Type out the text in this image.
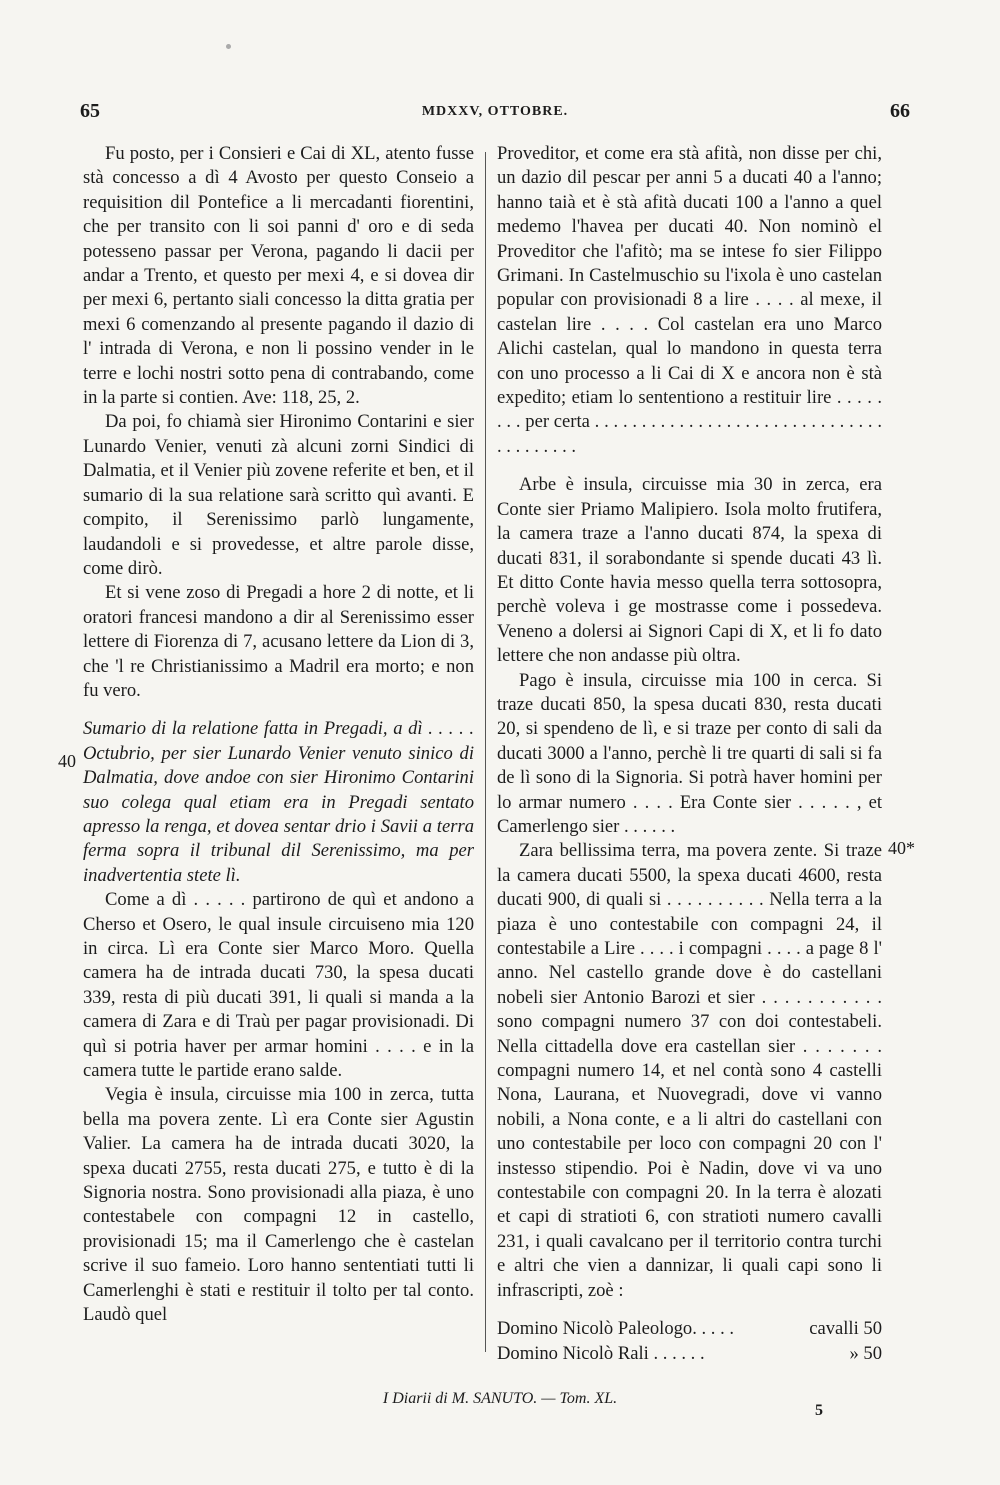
65	MDXXV, OTTOBRE.	66

Fu posto, per i Consieri e Cai di XL, atento fusse stà concesso a dì 4 Avosto per questo Conseio a requisition dil Pontefice a li mercadanti fiorentini, che per transito con li soi panni d' oro e di seda potesseno passar per Verona, pagando li dacii per andar a Trento, et questo per mexi 4, e si dovea dir per mexi 6, pertanto siali concesso la ditta gratia per mexi 6 comenzando al presente pagando il dazio di l' intrada di Verona, e non li possino vender in le terre e lochi nostri sotto pena di contrabando, come in la parte si contien. Ave: 118, 25, 2.

Da poi, fo chiamà sier Hironimo Contarini e sier Lunardo Venier, venuti zà alcuni zorni Sindici di Dalmatia, et il Venier più zovene referite et ben, et il sumario di la sua relatione sarà scritto quì avanti. E compito, il Serenissimo parlò lungamente, laudandoli e si provedesse, et altre parole disse, come dirò.

Et si vene zoso di Pregadi a hore 2 di notte, et li oratori francesi mandono a dir al Serenissimo esser lettere di Fiorenza di 7, acusano lettere da Lion di 3, che 'l re Christianissimo a Madril era morto; e non fu vero.

Sumario di la relatione fatta in Pregadi, a dì . . . . . Octubrio, per sier Lunardo Venier venuto sinico di Dalmatia, dove andoe con sier Hironimo Contarini suo colega qual etiam era in Pregadi sentato apresso la renga, et dovea sentar drio i Savii a terra ferma sopra il tribunal dil Serenissimo, ma per inadvertentia stete lì.

Come a dì . . . . . partirono de quì et andono a Cherso et Osero, le qual insule circuiseno mia 120 in circa. Lì era Conte sier Marco Moro. Quella camera ha de intrada ducati 730, la spesa ducati 339, resta di più ducati 391, li quali si manda a la camera di Zara e di Traù per pagar provisionadi. Di quì si potria haver per armar homini . . . . e in la camera tutte le partide erano salde.

Vegia è insula, circuisse mia 100 in zerca, tutta bella ma povera zente. Lì era Conte sier Agustin Valier. La camera ha de intrada ducati 3020, la spexa ducati 2755, resta ducati 275, e tutto è di la Signoria nostra. Sono provisionadi alla piaza, è uno contestabele con compagni 12 in castello, provisionadi 15; ma il Camerlengo che è castelan scrive il suo fameio. Loro hanno sententiati tutti li Camerlenghi è stati e restituir il tolto per tal conto. Laudò quel

40

Proveditor, et come era stà afità, non disse per chi, un dazio dil pescar per anni 5 a ducati 40 a l'anno; hanno taià et è stà afità ducati 100 a l'anno a quel medemo l'havea per ducati 40. Non nominò el Proveditor che l'afitò; ma se intese fo sier Filippo Grimani. In Castelmuschio su l'ixola è uno castelan popular con provisionadi 8 a lire . . . . al mexe, il castelan lire . . . . Col castelan era uno Marco Alichi castelan, qual lo mandono in questa terra con uno processo a li Cai di X e ancora non è stà expedito; etiam lo sententiono a restituir lire . . . . . . . . per certa . . . . . . . . . . . . . . . . . . . . . . . . . . . . . . . . . . . . . . . .

Arbe è insula, circuisse mia 30 in zerca, era Conte sier Priamo Malipiero. Isola molto frutifera, la camera traze a l'anno ducati 874, la spexa di ducati 831, il sorabondante si spende ducati 43 lì. Et ditto Conte havia messo quella terra sottosopra, perchè voleva i ge mostrasse come i possedeva. Veneno a dolersi ai Signori Capi di X, et li fo dato lettere che non andasse più oltra.

Pago è insula, circuisse mia 100 in cerca. Si traze ducati 850, la spesa ducati 830, resta ducati 20, si spendeno de lì, e si traze per conto di sali da ducati 3000 a l'anno, perchè li tre quarti di sali si fa de lì sono di la Signoria. Si potrà haver homini per lo armar numero . . . . Era Conte sier . . . . . , et Camerlengo sier . . . . . .

Zara bellissima terra, ma povera zente. Si traze la camera ducati 5500, la spexa ducati 4600, resta ducati 900, di quali si . . . . . . . . . . Nella terra a la piaza è uno contestabile con compagni 24, il contestabile a Lire . . . . i compagni . . . . a page 8 l' anno. Nel castello grande dove è do castellani nobeli sier Antonio Barozi et sier . . . . . . . . . . . sono compagni numero 37 con doi contestabeli. Nella cittadella dove era castellan sier . . . . . . . compagni numero 14, et nel contà sono 4 castelli Nona, Laurana, et Nuovegradi, dove vi vanno nobili, a Nona conte, e a li altri do castellani con uno contestabile per loco con compagni 20 con l' instesso stipendio. Poi è Nadin, dove vi va uno contestabile con compagni 20. In la terra è alozati et capi di stratioti 6, con stratioti numero cavalli 231, i quali cavalcano per il territorio contra turchi e altri che vien a dannizar, li quali capi sono li infrascripti, zoè :

Domino Nicolò Paleologo. . . . .	cavalli 50
Domino Nicolò Rali . . . . . .	» 50
40*
I Diarii di M. SANUTO. — Tom. XL.
5
